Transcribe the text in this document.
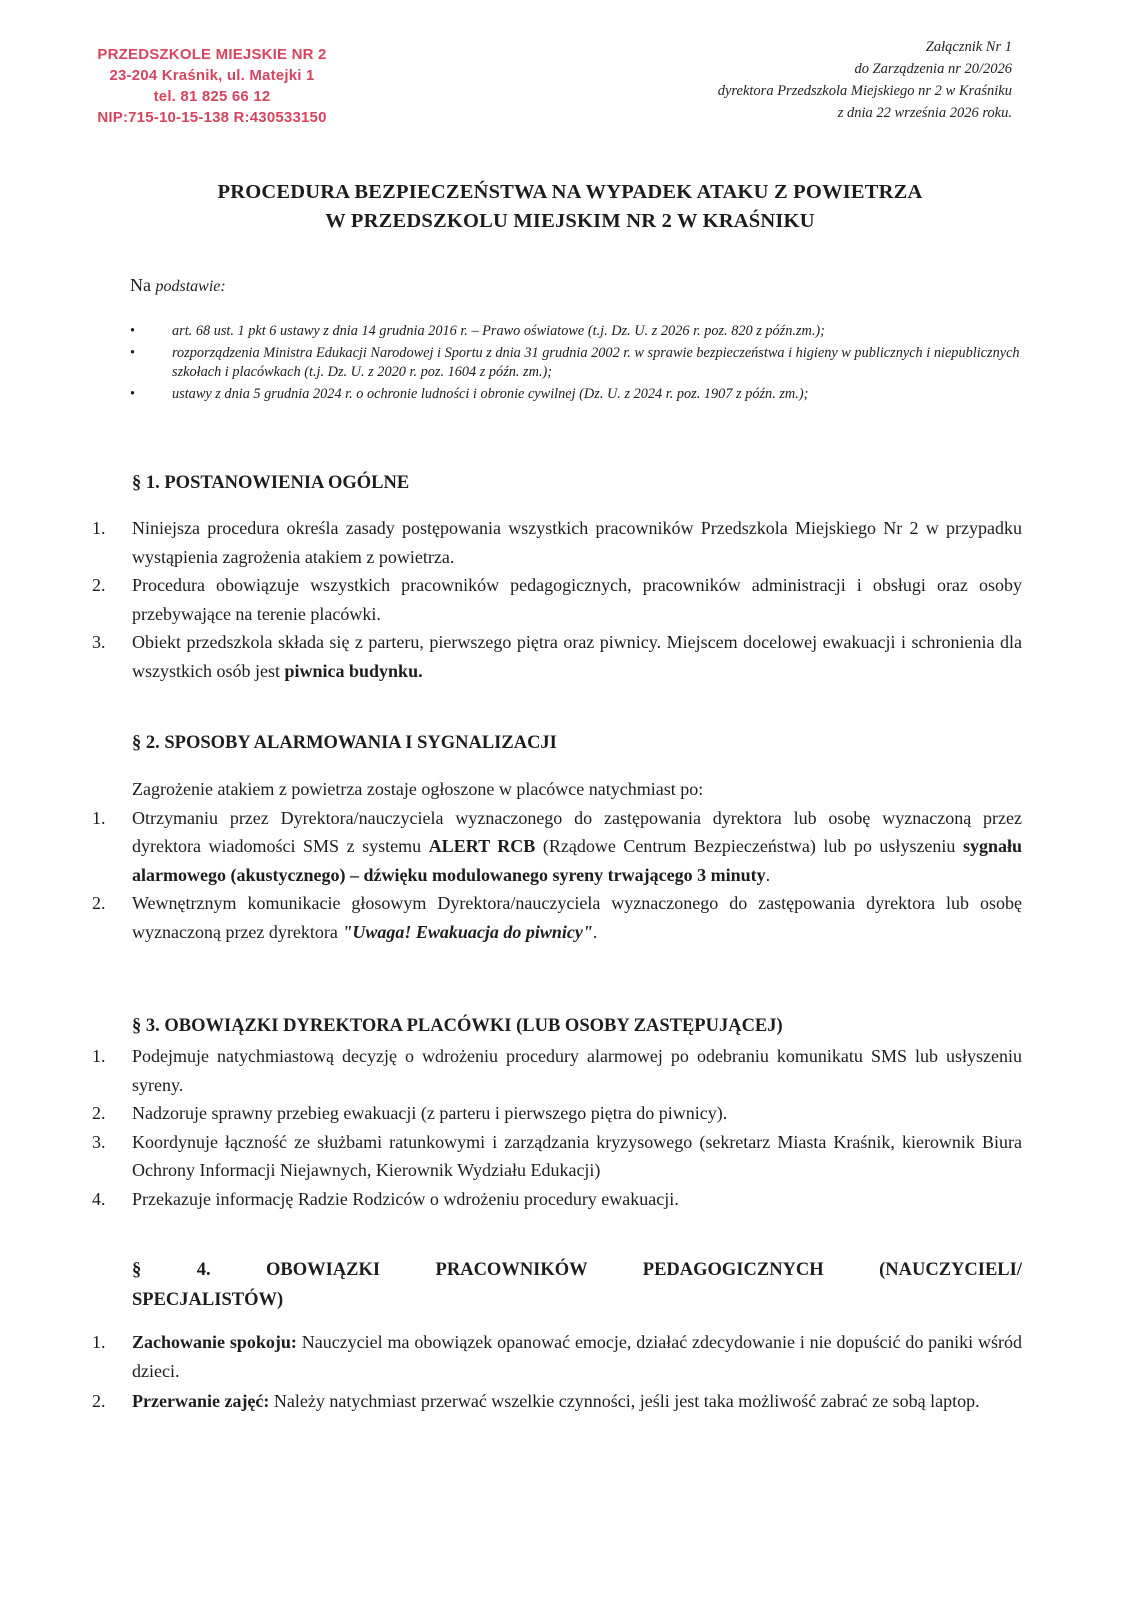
PRZEDSZKOLE MIEJSKIE NR 2
23-204 Kraśnik, ul. Matejki 1
tel. 81 825 66 12
NIP:715-10-15-138 R:430533150
Załącznik Nr 1
do Zarządzenia nr 20/2026
dyrektora Przedszkola Miejskiego nr 2 w Kraśniku
z dnia 22 września 2026 roku.
PROCEDURA BEZPIECZEŃSTWA NA WYPADEK ATAKU Z POWIETRZA
W PRZEDSZKOLU MIEJSKIM NR 2 W KRAŚNIKU
Na podstawie:
• art. 68 ust. 1 pkt 6 ustawy z dnia 14 grudnia 2016 r. – Prawo oświatowe (t.j. Dz. U. z 2026 r. poz. 820 z późn.zm.);
• rozporządzenia Ministra Edukacji Narodowej i Sportu z dnia 31 grudnia 2002 r. w sprawie bezpieczeństwa i higieny w publicznych i niepublicznych szkołach i placówkach (t.j. Dz. U. z 2020 r. poz. 1604 z późn. zm.);
• ustawy z dnia 5 grudnia 2024 r. o ochronie ludności i obronie cywilnej (Dz. U. z 2024 r. poz. 1907 z późn. zm.);
§ 1. POSTANOWIENIA OGÓLNE
1. Niniejsza procedura określa zasady postępowania wszystkich pracowników Przedszkola Miejskiego Nr 2 w przypadku wystąpienia zagrożenia atakiem z powietrza.
2. Procedura obowiązuje wszystkich pracowników pedagogicznych, pracowników administracji i obsługi oraz osoby przebywające na terenie placówki.
3. Obiekt przedszkola składa się z parteru, pierwszego piętra oraz piwnicy. Miejscem docelowej ewakuacji i schronienia dla wszystkich osób jest piwnica budynku.
§ 2. SPOSOBY ALARMOWANIA I SYGNALIZACJI
Zagrożenie atakiem z powietrza zostaje ogłoszone w placówce natychmiast po:
1. Otrzymaniu przez Dyrektora/nauczyciela wyznaczonego do zastępowania dyrektora lub osobę wyznaczoną przez dyrektora wiadomości SMS z systemu ALERT RCB (Rządowe Centrum Bezpieczeństwa) lub po usłyszeniu sygnału alarmowego (akustycznego) – dźwięku modulowanego syreny trwającego 3 minuty.
2. Wewnętrznym komunikacie głosowym Dyrektora/nauczyciela wyznaczonego do zastępowania dyrektora lub osobę wyznaczoną przez dyrektora "Uwaga! Ewakuacja do piwnicy".
§ 3. OBOWIĄZKI DYREKTORA PLACÓWKI (LUB OSOBY ZASTĘPUJĄCEJ)
1. Podejmuje natychmiastową decyzję o wdrożeniu procedury alarmowej po odebraniu komunikatu SMS lub usłyszeniu syreny.
2. Nadzoruje sprawny przebieg ewakuacji (z parteru i pierwszego piętra do piwnicy).
3. Koordynuje łączność ze służbami ratunkowymi i zarządzania kryzysowego (sekretarz Miasta Kraśnik, kierownik Biura Ochrony Informacji Niejawnych, Kierownik Wydziału Edukacji)
4. Przekazuje informację Radzie Rodziców o wdrożeniu procedury ewakuacji.
§ 4. OBOWIĄZKI PRACOWNIKÓW PEDAGOGICZNYCH (NAUCZYCIELI/
SPECJALISTÓW)
1. Zachowanie spokoju: Nauczyciel ma obowiązek opanować emocje, działać zdecydowanie i nie dopuścić do paniki wśród dzieci.
2. Przerwanie zajęć: Należy natychmiast przerwać wszelkie czynności, jeśli jest taka możliwość zabrać ze sobą laptop.
